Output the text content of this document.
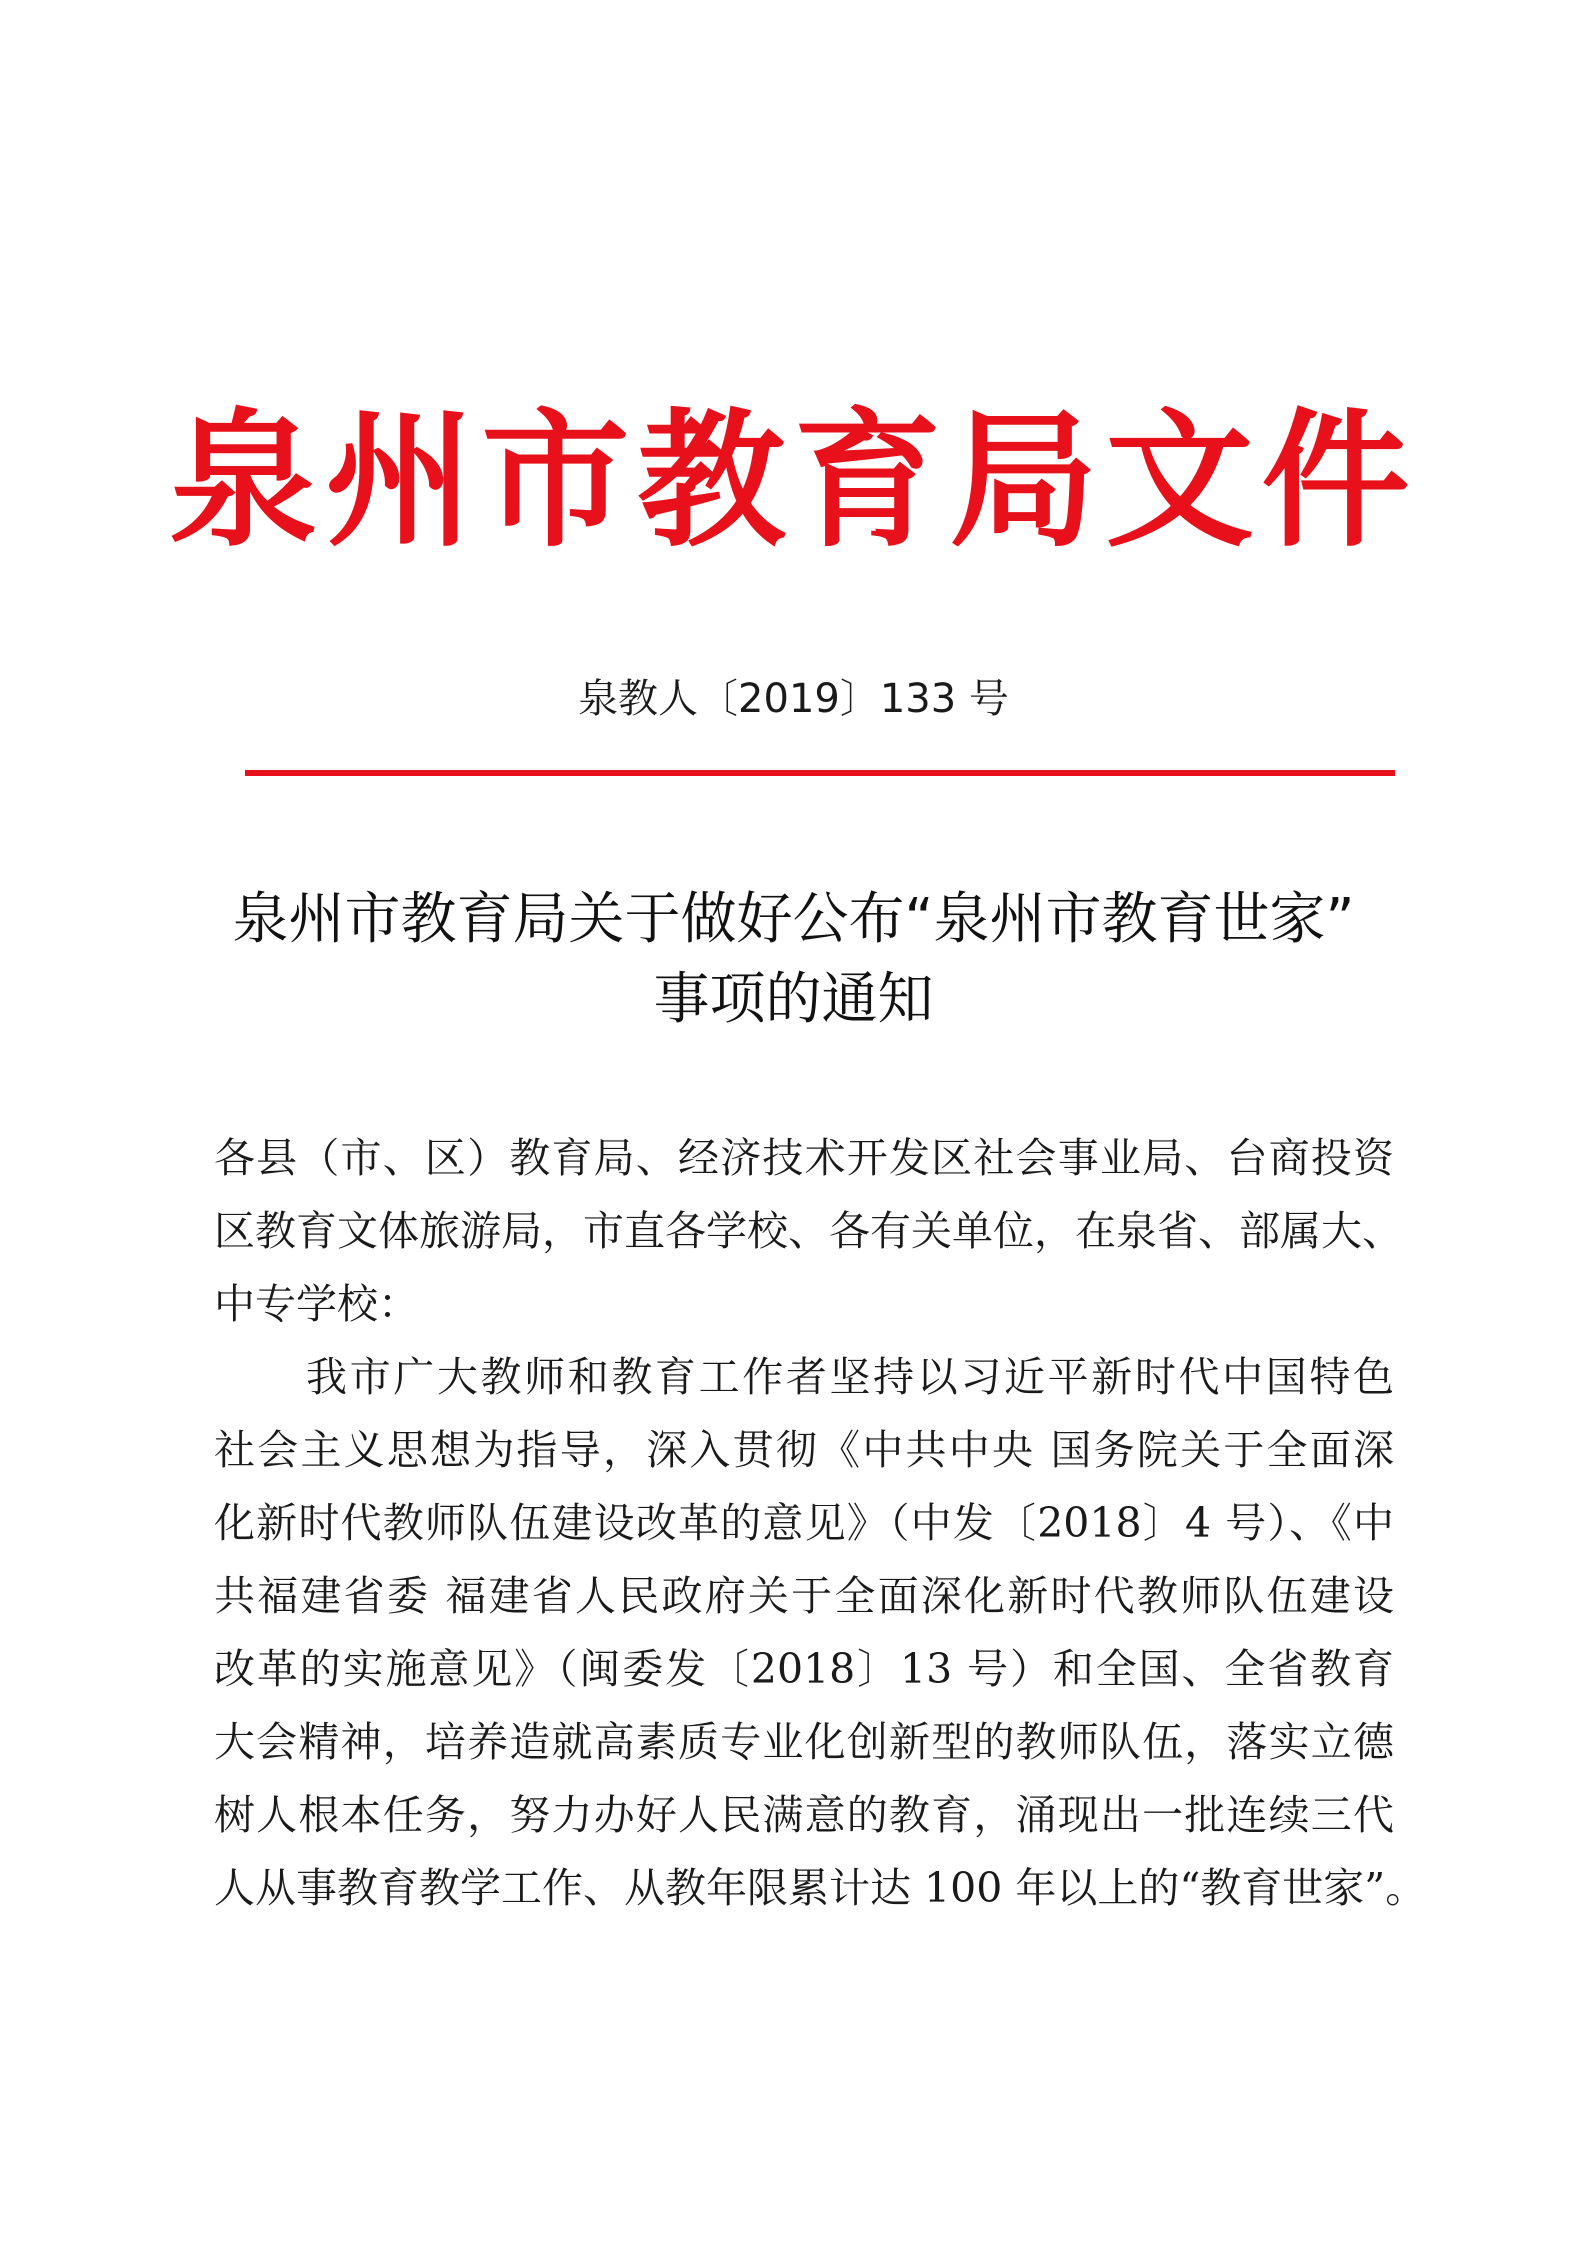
泉州市教育局文件
泉教人〔2019〕133 号
泉州市教育局关于做好公布“泉州市教育世家”
事项的通知
各县（市、区）教育局、经济技术开发区社会事业局、台商投资
区教育文体旅游局，市直各学校、各有关单位，在泉省、部属大、
中专学校：
我市广大教师和教育工作者坚持以习近平新时代中国特色
社会主义思想为指导，深入贯彻《中共中央 国务院关于全面深
化新时代教师队伍建设改革的意见》（中发〔2018〕4 号）、《中
共福建省委 福建省人民政府关于全面深化新时代教师队伍建设
改革的实施意见》（闽委发〔2018〕13 号）和全国、全省教育
大会精神，培养造就高素质专业化创新型的教师队伍，落实立德
树人根本任务，努力办好人民满意的教育，涌现出一批连续三代
人从事教育教学工作、从教年限累计达 100 年以上的“教育世家”。
